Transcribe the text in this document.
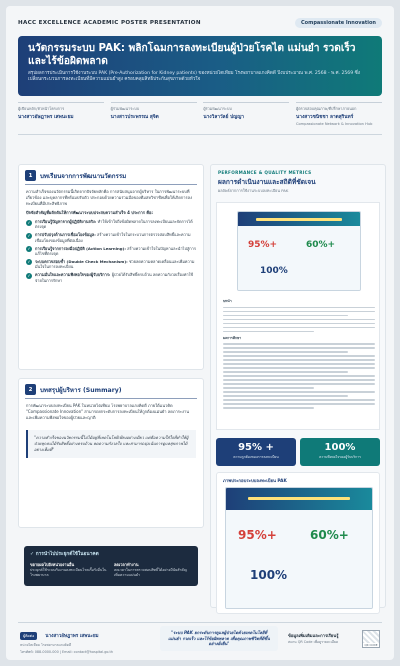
HACC EXCELLENCE ACADEMIC POSTER PRESENTATION	Compassionate Innovation
นวัตกรรมระบบ PAK: พลิกโฉมการลงทะเบียนผู้ป่วยโรคไต แม่นยำ รวดเร็ว และไร้ข้อผิดพลาด
สรุปผลการประเมินการใช้งานระบบ PAK (Pre-Authorization for Kidney patients) ของหน่วยไตเทียม โรงพยาบาลแกงคิดดี ปีงบประมาณ พ.ศ. 2568 - พ.ศ. 2569 ซึ่งเปลี่ยนกระบวนการลงทะเบียนที่มีความแม่นยำสูง ครอบคลุมสิทธิประกันสุขภาพด้วยหัวใจ
ผู้เขียนหลัก/หัวหน้าโครงการ
นางสาวอัษฎาพร เสพนะยม
ผู้ร่วมพัฒนาระบบ
นางสาวประพรรณ สุจิต
ผู้ร่วมพัฒนาระบบ
นางวิลาวัลย์ ปญญา
ผู้ตรวจสอบคุณภาพ/ที่ปรึกษาภายนอก
นางสาวชนิชชา ลาดสุรินทร์
Compassionate Network & Innovation Hub
1	บทเรียนจากการพัฒนานวัตกรรม
ความสำเร็จของนวัตกรรมนี้เกิดจากปัจจัยหลักคือ การสนับสนุนจากผู้บริหาร ในการพัฒนาระบบที่เกี่ยวข้อง และบุคลากรที่พร้อมปรับตัว ประกอบด้วยความร่วมมือของทีมสหวิชาชีพเพื่อให้เกิดการลงทะเบียนที่มีประสิทธิภาพ
ปัจจัยสำคัญที่ผลักดันให้การพัฒนาระบบประสบความสำเร็จ 4 ประการ คือ:
✓	การเรียนรู้ปัญหาจากผู้ปฏิบัติงานจริง: ทำให้เข้าใจถึงข้อผิดพลาดในการลงทะเบียนและจัดการได้ตรงจุด
✓	การปรับปรุงด้านการเชื่อมโยงข้อมูล: สร้างความเข้าใจในกระบวนการตรวจสอบสิทธิ์และความเชื่อมโยงของข้อมูลที่ต่อเนื่อง
✓	การเรียนรู้จากการลงมือปฏิบัติ (Action Learning): สร้างความเข้าใจในปัญหาและนำไปสู่การแก้ไขที่ตรงจุด
✓	ระบบตรวจสอบซ้ำ (Double Check Mechanism): ช่วยลดความคลาดเคลื่อนและเพิ่มความมั่นใจในการลงทะเบียน
✓	ความมั่นใจและความพึงพอใจของผู้รับบริการ: ผู้ป่วยได้รับสิทธิ์ครบถ้วน ลดความกังวลเรื่องค่าใช้จ่ายในการรักษา
2	บทสรุปผู้บริหาร (Summary)
การพัฒนาระบบลงทะเบียน PAK ในหน่วยไตเทียม โรงพยาบาลแกงคิดดี ภายใต้แนวคิด "Compassionate Innovation" สามารถยกระดับการลงทะเบียนให้ถูกต้องแม่นยำ ลดภาระงาน และเพิ่มความพึงพอใจของผู้ป่วยและญาติ
"ความสำเร็จของนวัตกรรมนี้ไม่ได้อยู่ที่เทคโนโลยีเพียงอย่างเดียว แต่คือความใส่ใจที่ทำให้ผู้ป่วยทุกคนได้รับสิทธิ์อย่างครบถ้วน ลดความกังวลใจ และสามารถมุ่งเน้นการดูแลสุขภาพได้อย่างเต็มที่"
✓ การนำไปประยุกต์ใช้ในอนาคต
ขยายผลไปยังหน่วยงานอื่น
ประยุกต์ใช้ระบบกับงานลงทะเบียนโรคเรื้อรังอื่นในโรงพยาบาล
ลดเวลาทำงาน
ลดเวลาในการตรวจสอบสิทธิ์ได้อย่างมีนัยสำคัญ เพิ่มความแม่นยำ
PERFORMANCE & QUALITY METRICS
ผลการดำเนินงานและสถิติที่ชัดเจน
ผลลัพธ์จากการใช้งานระบบลงทะเบียน PAK
95%+	60%+
100%
บทนำ
ผลการศึกษา
95% +
ความถูกต้องของการลงทะเบียน
100%
ความพึงพอใจของผู้รับบริการ
ภาพประกอบระบบลงทะเบียน PAK
95%+	60%+
100%
ผู้ติดต่อ นางสาวอัษฎาพร เสพนะยม
หน่วยไตเทียม โรงพยาบาลแกงคิดดี
โทรศัพท์: 088-0000-000 | Email: contact@hospital.go.th
"ระบบ PAK ยกระดับการดูแลผู้ป่วยไตด้วยเทคโนโลยีที่แม่นยำ รวดเร็ว และไร้ข้อผิดพลาด เพื่อคุณภาพชีวิตที่ดีขึ้นอย่างยั่งยืน"
ข้อมูลเพิ่มเติมและการเรียนรู้
สแกน QR Code เพื่อดูรายละเอียด
QR CODE
